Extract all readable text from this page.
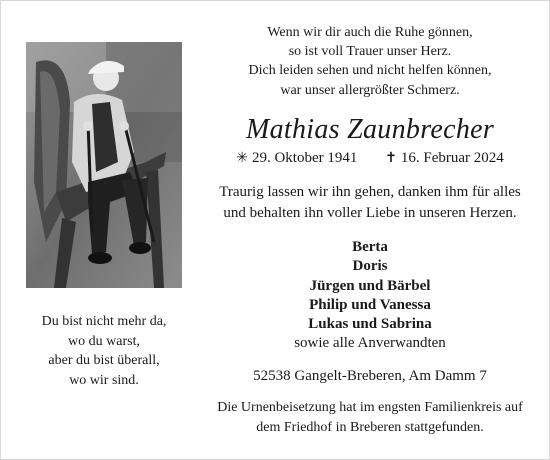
Du bist nicht mehr da,
wo du warst,
aber du bist überall,
wo wir sind.
Wenn wir dir auch die Ruhe gönnen,
so ist voll Trauer unser Herz.
Dich leiden sehen und nicht helfen können,
war unser allergrößter Schmerz.
Mathias Zaunbrecher
✳ 29. Oktober 1941 ✝ 16. Februar 2024
Traurig lassen wir ihn gehen, danken ihm für alles
und behalten ihn voller Liebe in unseren Herzen.
Berta
Doris
Jürgen und Bärbel
Philip und Vanessa
Lukas und Sabrina
sowie alle Anverwandten
52538 Gangelt-Breberen, Am Damm 7
Die Urnenbeisetzung hat im engsten Familienkreis auf
dem Friedhof in Breberen stattgefunden.
